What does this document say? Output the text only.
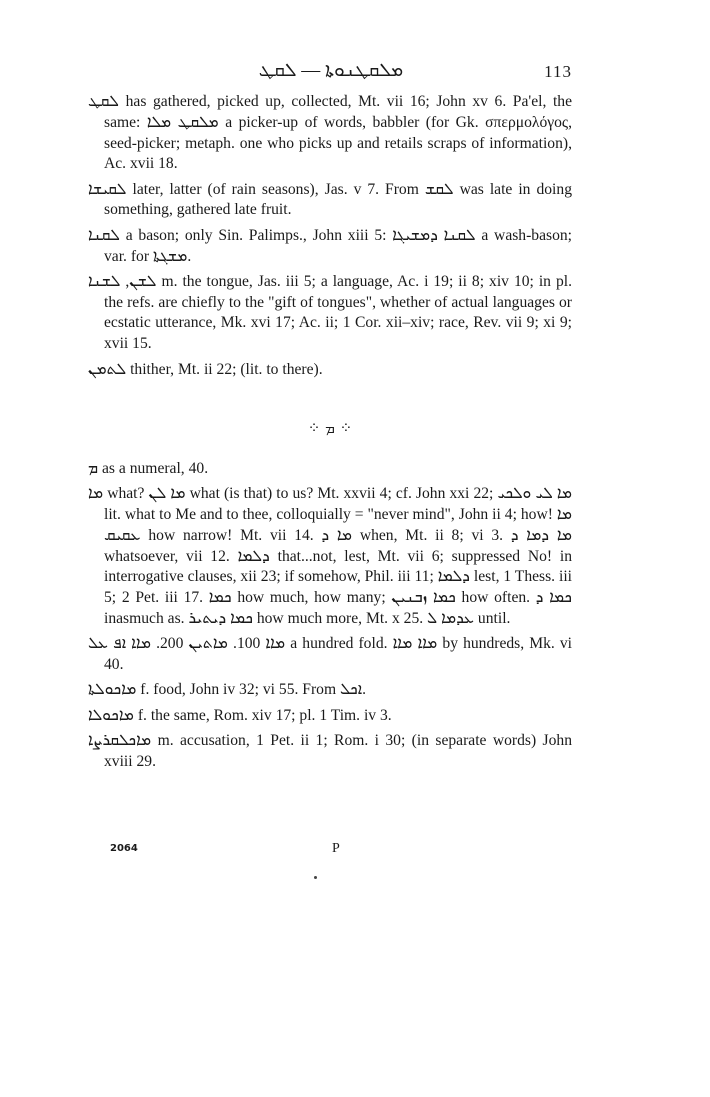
ܡܠܩܛܢܘܬܐ — ܠܩܛ	113

ܠܩܛ has gathered, picked up, collected, Mt. vii 16; John xv 6. Pa'el, the same: ܡܠܩܛ ܡܠܐ a picker-up of words, babbler (for Gk. σπερμολόγος, seed-picker; metaph. one who picks up and retails scraps of information), Ac. xvii 18.

ܠܩܝܫܐ later, latter (of rain seasons), Jas. v 7. From ܠܩܫ was late in doing something, gathered late fruit.

ܠܩܢܐ a bason; only Sin. Palimps., John xiii 5: ܠܩܢܐ ܕܡܫܝܓܐ a wash-bason; var. for ܡܫܓܬܐ.

ܠܫܢ, ܠܫܢܐ m. the tongue, Jas. iii 5; a language, Ac. i 19; ii 8; xiv 10; in pl. the refs. are chiefly to the "gift of tongues", whether of actual languages or ecstatic utterance, Mk. xvi 17; Ac. ii; 1 Cor. xii–xiv; race, Rev. vii 9; xi 9; xvii 15.

ܠܬܡܢ thither, Mt. ii 22; (lit. to there).

⁘ ܡ ⁘

ܡ as a numeral, 40.

ܡܐ what? ܡܐ ܠܢ what (is that) to us? Mt. xxvii 4; cf. John xxi 22; ܡܐ ܠܝ ܘܠܟܝ lit. what to Me and to thee, colloquially = "never mind", John ii 4; how! ܡܐ ܥܩܝܩ how narrow! Mt. vii 14. ܡܐ ܕ when, Mt. ii 8; vi 3. ܡܐ ܕܡܐ ܕ whatsoever, vii 12. ܕܠܡܐ that...not, lest, Mt. vii 6; suppressed No! in interrogative clauses, xii 23; if somehow, Phil. iii 11; ܕܠܡܐ lest, 1 Thess. iii 5; 2 Pet. iii 17. ܟܡܐ how much, how many; ܟܡܐ ܙܒܢܝܢ how often. ܟܡܐ ܕ inasmuch as. ܟܡܐ ܕܝܬܝܪ how much more, Mt. x 25. ܥܕܡܐ ܠ until.

ܡܐܐ 100. ܡܐܬܝܢ 200. ܡܐܐ ܐܦ ܥܠ a hundred fold. ܡܐܐ ܡܐܐ by hundreds, Mk. vi 40.

ܡܐܟܘܠܬܐ f. food, John iv 32; vi 55. From ܐܟܠ.

ܡܐܟܘܠܐ f. the same, Rom. xiv 17; pl. 1 Tim. iv 3.

ܡܐܟܠܩܪܨܐ m. accusation, 1 Pet. ii 1; Rom. i 30; (in separate words) John xviii 29.

2064	P
